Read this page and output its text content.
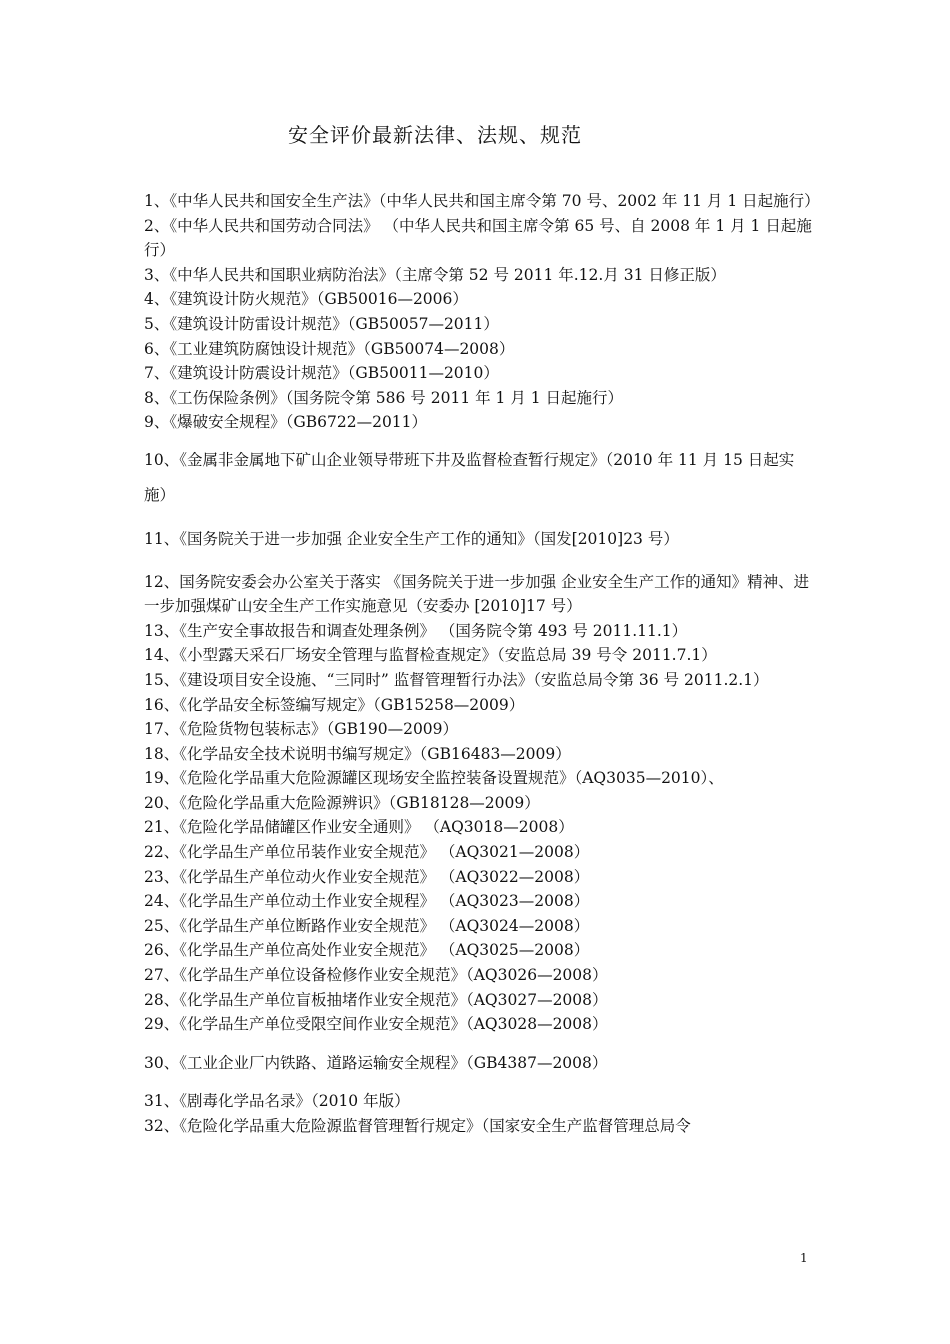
安全评价最新法律、法规、规范

1、《中华人民共和国安全生产法》（中华人民共和国主席令第 70 号、2002 年 11 月 1 日起施行）

2、《中华人民共和国劳动合同法》 （中华人民共和国主席令第 65 号、自 2008 年 1 月 1 日起施行）

3、《中华人民共和国职业病防治法》（主席令第 52 号 2011 年.12.月 31 日修正版）

4、《建筑设计防火规范》（GB50016—2006）

5、《建筑设计防雷设计规范》（GB50057—2011）

6、《工业建筑防腐蚀设计规范》（GB50074—2008）

7、《建筑设计防震设计规范》（GB50011—2010）

8、《工伤保险条例》（国务院令第 586 号 2011 年 1 月 1 日起施行）

9、《爆破安全规程》（GB6722—2011）

10、《金属非金属地下矿山企业领导带班下井及监督检查暂行规定》（2010 年 11 月 15 日起实施）

11、《国务院关于进一步加强 企业安全生产工作的通知》（国发[2010]23 号）

12、国务院安委会办公室关于落实 《国务院关于进一步加强 企业安全生产工作的通知》精神、进一步加强煤矿山安全生产工作实施意见（安委办 [2010]17 号）

13、《生产安全事故报告和调查处理条例》 （国务院令第 493 号 2011.11.1）

14、《小型露天采石厂场安全管理与监督检查规定》（安监总局 39 号令 2011.7.1）

15、《建设项目安全设施、“三同时” 监督管理暂行办法》（安监总局令第 36 号 2011.2.1）

16、《化学品安全标签编写规定》（GB15258—2009）

17、《危险货物包装标志》（GB190—2009）

18、《化学品安全技术说明书编写规定》（GB16483—2009）

19、《危险化学品重大危险源罐区现场安全监控装备设置规范》（AQ3035—2010）、

20、《危险化学品重大危险源辨识》（GB18128—2009）

21、《危险化学品储罐区作业安全通则》 （AQ3018—2008）

22、《化学品生产单位吊装作业安全规范》 （AQ3021—2008）

23、《化学品生产单位动火作业安全规范》 （AQ3022—2008）

24、《化学品生产单位动土作业安全规程》 （AQ3023—2008）

25、《化学品生产单位断路作业安全规范》 （AQ3024—2008）

26、《化学品生产单位高处作业安全规范》 （AQ3025—2008）

27、《化学品生产单位设备检修作业安全规范》（AQ3026—2008）

28、《化学品生产单位盲板抽堵作业安全规范》（AQ3027—2008）

29、《化学品生产单位受限空间作业安全规范》（AQ3028—2008）

30、《工业企业厂内铁路、道路运输安全规程》（GB4387—2008）

31、《剧毒化学品名录》（2010 年版）

32、《危险化学品重大危险源监督管理暂行规定》（国家安全生产监督管理总局令

1
